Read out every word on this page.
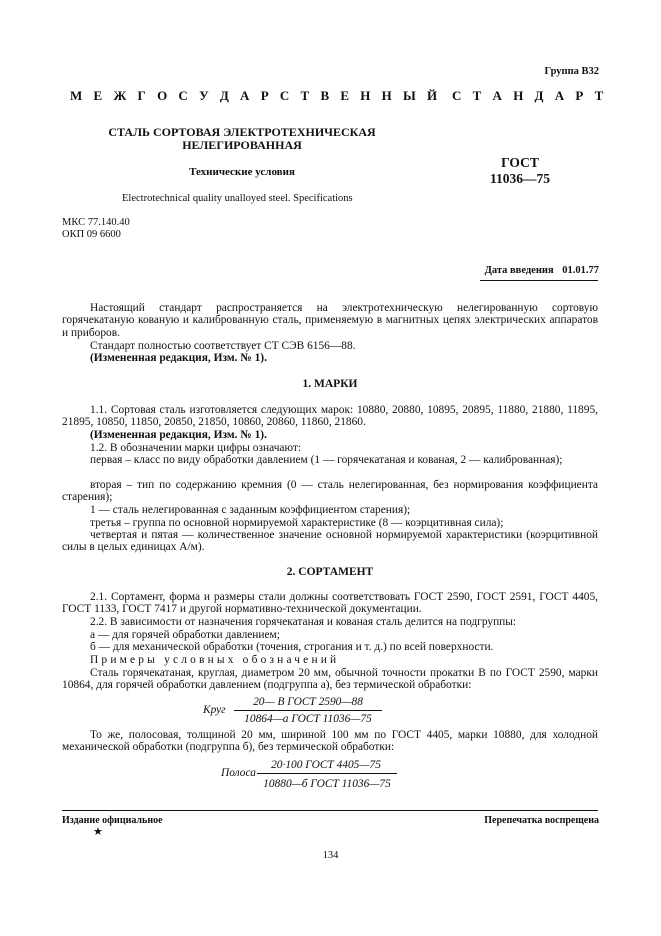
Группа В32
М Е Ж Г О С У Д А Р С Т В Е Н Н Ы Й С Т А Н Д А Р Т
СТАЛЬ СОРТОВАЯ ЭЛЕКТРОТЕХНИЧЕСКАЯ
НЕЛЕГИРОВАННАЯ
Технические условия
Electrotechnical quality unalloyed steel. Specifications
ГОСТ
11036—75
МКС 77.140.40
ОКП 09 6600
Дата введения 01.01.77
Настоящий стандарт распространяется на электротехническую нелегированную сортовую горячекатаную кованую и калиброванную сталь, применяемую в магнитных цепях электрических аппаратов и приборов.
Стандарт полностью соответствует СТ СЭВ 6156—88.
(Измененная редакция, Изм. № 1).
1. МАРКИ
1.1. Сортовая сталь изготовляется следующих марок: 10880, 20880, 10895, 20895, 11880, 21880, 11895, 21895, 10850, 11850, 20850, 21850, 10860, 20860, 11860, 21860.
(Измененная редакция, Изм. № 1).
1.2. В обозначении марки цифры означают:
первая – класс по виду обработки давлением (1 — горячекатаная и кованая, 2 — калиброванная);
вторая – тип по содержанию кремния (0 — сталь нелегированная, без нормирования коэффициента старения);
1 — сталь нелегированная с заданным коэффициентом старения);
третья – группа по основной нормируемой характеристике (8 — коэрцитивная сила);
четвертая и пятая — количественное значение основной нормируемой характеристики (коэрцитивной силы в целых единицах А/м).
2. СОРТАМЕНТ
2.1. Сортамент, форма и размеры стали должны соответствовать ГОСТ 2590, ГОСТ 2591, ГОСТ 4405, ГОСТ 1133, ГОСТ 7417 и другой нормативно-технической документации.
2.2. В зависимости от назначения горячекатаная и кованая сталь делится на подгруппы:
а — для горячей обработки давлением;
б — для механической обработки (точения, строгания и т. д.) по всей поверхности.
Примеры условных обозначений
Сталь горячекатаная, круглая, диаметром 20 мм, обычной точности прокатки В по ГОСТ 2590, марки 10864, для горячей обработки давлением (подгруппа а), без термической обработки:
Круг
20— В ГОСТ 2590—88
10864—а ГОСТ 11036—75
То же, полосовая, толщиной 20 мм, шириной 100 мм по ГОСТ 4405, марки 10880, для холодной механической обработки (подгруппа б), без термической обработки:
Полоса
20·100 ГОСТ 4405—75
10880—б ГОСТ 11036—75
Издание официальное	Перепечатка воспрещена
★
134
